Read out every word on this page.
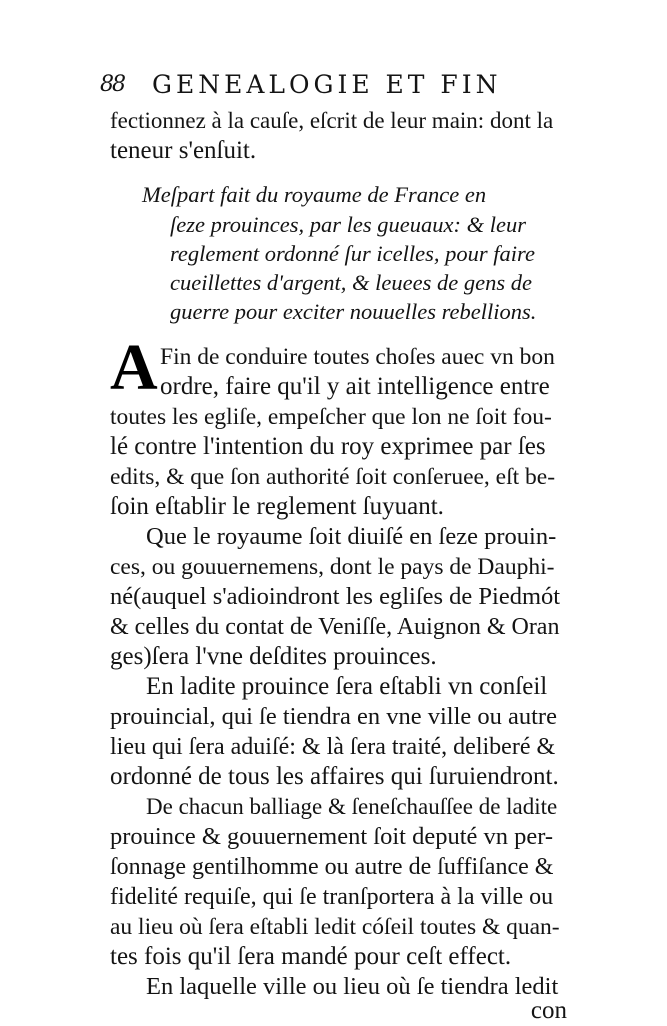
88 GENEALOGIE ET FIN
fectionnez à la cauſe, eſcrit de leur main: dont la
teneur s'enſuit.
Meſpart fait du royaume de France en
ſeze prouinces, par les gueuaux: & leur
reglement ordonné ſur icelles, pour faire
cueillettes d'argent, & leuees de gens de
guerre pour exciter nouuelles rebellions.
A Fin de conduire toutes choſes auec vn bon
ordre, faire qu'il y ait intelligence entre
toutes les egliſe, empeſcher que lon ne ſoit fou-
lé contre l'intention du roy exprimee par ſes
edits, & que ſon authorité ſoit conſeruee, eſt be-
ſoin eſtablir le reglement ſuyuant.
Que le royaume ſoit diuiſé en ſeze prouin-
ces, ou gouuernemens, dont le pays de Dauphi-
né(auquel s'adioindront les egliſes de Piedmót
& celles du contat de Veniſſe, Auignon & Oran
ges)ſera l'vne deſdites prouinces.
En ladite prouince ſera eſtabli vn conſeil
prouincial, qui ſe tiendra en vne ville ou autre
lieu qui ſera aduiſé: & là ſera traité, deliberé &
ordonné de tous les affaires qui ſuruiendront.
De chacun balliage & ſeneſchauſſee de ladite
prouince & gouuernement ſoit deputé vn per-
ſonnage gentilhomme ou autre de ſuffiſance &
fidelité requiſe, qui ſe tranſportera à la ville ou
au lieu où ſera eſtabli ledit cóſeil toutes & quan-
tes fois qu'il ſera mandé pour ceſt effect.
En laquelle ville ou lieu où ſe tiendra ledit
con
